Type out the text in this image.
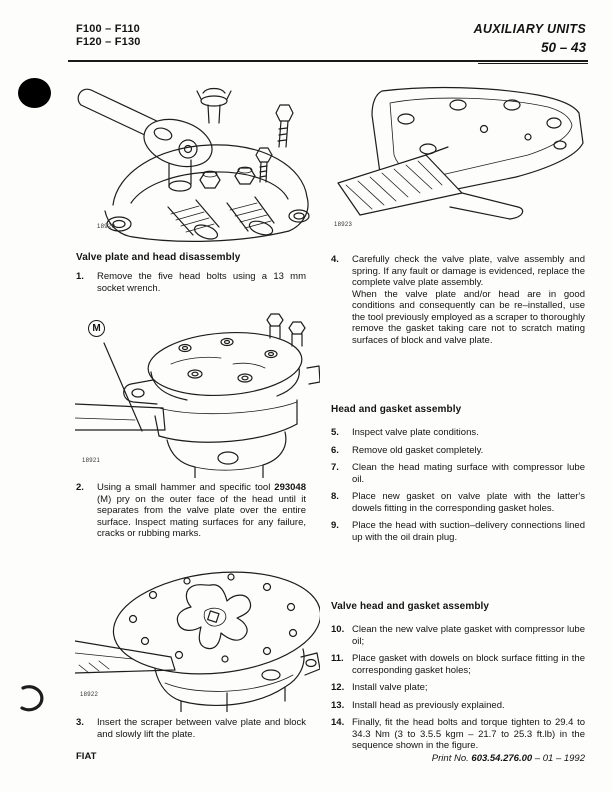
F100 – F110
F120 – F130
AUXILIARY UNITS
50 – 43
18920
Valve plate and head disassembly
1.	Remove the five head bolts using a 13 mm socket wrench.
M
18921
2.	Using a small hammer and specific tool 293048 (M) pry on the outer face of the head until it separates from the valve plate over the entire surface. Inspect mating surfaces for any failure, cracks or rubbing marks.
18922
3.	Insert the scraper between valve plate and block and slowly lift the plate.
18923
4.	Carefully check the valve plate, valve assembly and spring. If any fault or damage is evidenced, replace the complete valve plate assembly.
When the valve plate and/or head are in good conditions and consequently can be re–installed, use the tool previously employed as a scraper to thoroughly remove the gasket taking care not to scratch mating surfaces of block and valve plate.
Head and gasket assembly
5.	Inspect valve plate conditions.
6.	Remove old gasket completely.
7.	Clean the head mating surface with compressor lube oil.
8.	Place new gasket on valve plate with the latter's dowels fitting in the corresponding gasket holes.
9.	Place the head with suction–delivery connections lined up with the oil drain plug.
Valve head and gasket assembly
10. Clean the new valve plate gasket with compressor lube oil;
11. Place gasket with dowels on block surface fitting in the corresponding gasket holes;
12. Install valve plate;
13. Install head as previously explained.
14. Finally, fit the head bolts and torque tighten to 29.4 to 34.3 Nm (3 to 3.5.5 kgm – 21.7 to 25.3 ft.lb) in the sequence shown in the figure.
FIAT	Print No. 603.54.276.00 – 01 – 1992
